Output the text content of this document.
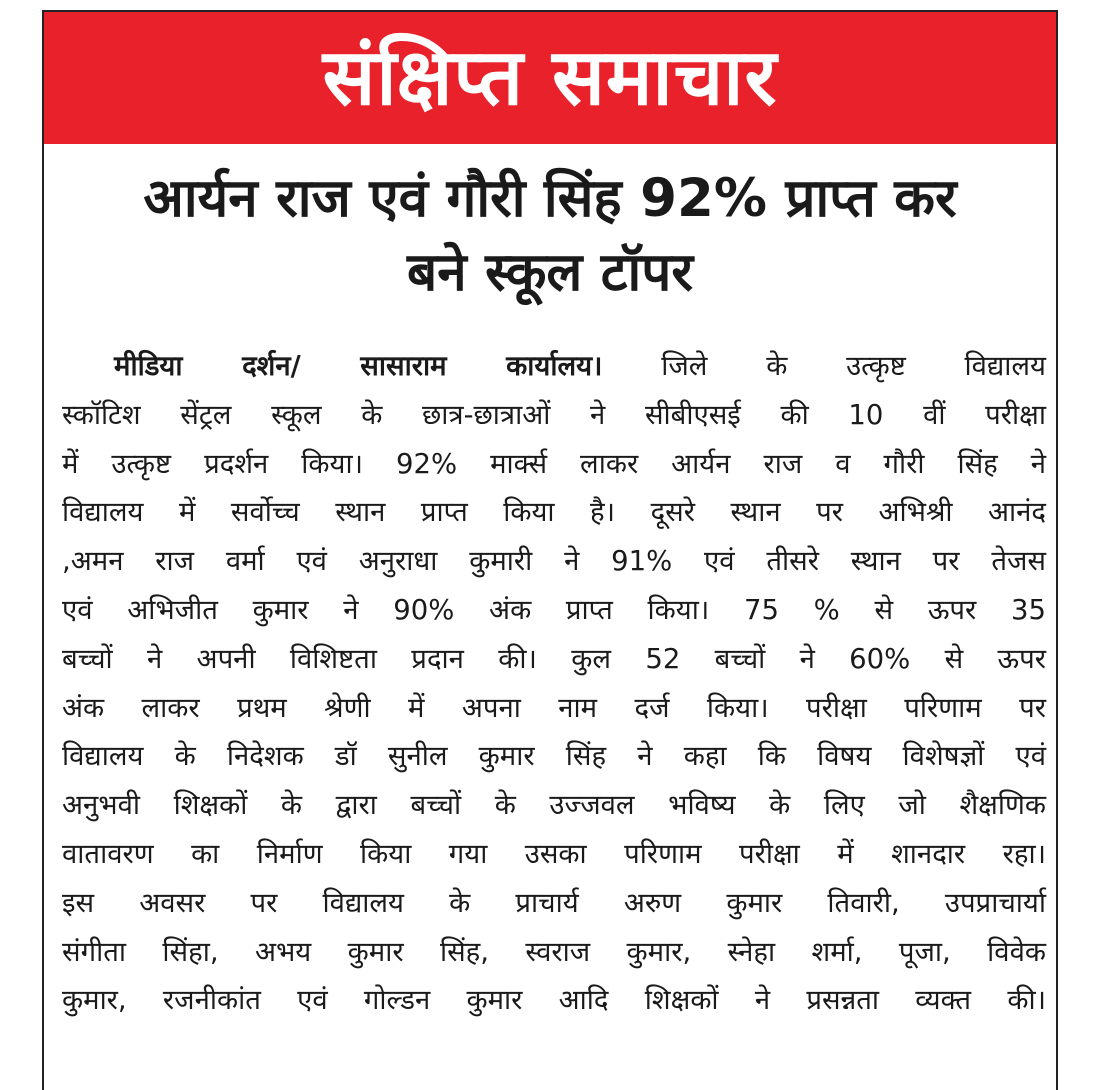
संक्षिप्त समाचार
आर्यन राज एवं गौरी सिंह 92% प्राप्त कर
बने स्कूल टॉपर
मीडिया दर्शन/ सासाराम कार्यालय। जिले के उत्कृष्ट विद्यालय
स्कॉटिश सेंट्रल स्कूल के छात्र-छात्राओं ने सीबीएसई की 10 वीं परीक्षा
में उत्कृष्ट प्रदर्शन किया। 92% मार्क्स लाकर आर्यन राज व गौरी सिंह ने
विद्यालय में सर्वोच्च स्थान प्राप्त किया है। दूसरे स्थान पर अभिश्री आनंद
,अमन राज वर्मा एवं अनुराधा कुमारी ने 91% एवं तीसरे स्थान पर तेजस
एवं अभिजीत कुमार ने 90% अंक प्राप्त किया। 75 % से ऊपर 35
बच्चों ने अपनी विशिष्टता प्रदान की। कुल 52 बच्चों ने 60% से ऊपर
अंक लाकर प्रथम श्रेणी में अपना नाम दर्ज किया। परीक्षा परिणाम पर
विद्यालय के निदेशक डॉ सुनील कुमार सिंह ने कहा कि विषय विशेषज्ञों एवं
अनुभवी शिक्षकों के द्वारा बच्चों के उज्जवल भविष्य के लिए जो शैक्षणिक
वातावरण का निर्माण किया गया उसका परिणाम परीक्षा में शानदार रहा।
इस अवसर पर विद्यालय के प्राचार्य अरुण कुमार तिवारी, उपप्राचार्या
संगीता सिंहा, अभय कुमार सिंह, स्वराज कुमार, स्नेहा शर्मा, पूजा, विवेक
कुमार, रजनीकांत एवं गोल्डन कुमार आदि शिक्षकों ने प्रसन्नता व्यक्त की।
